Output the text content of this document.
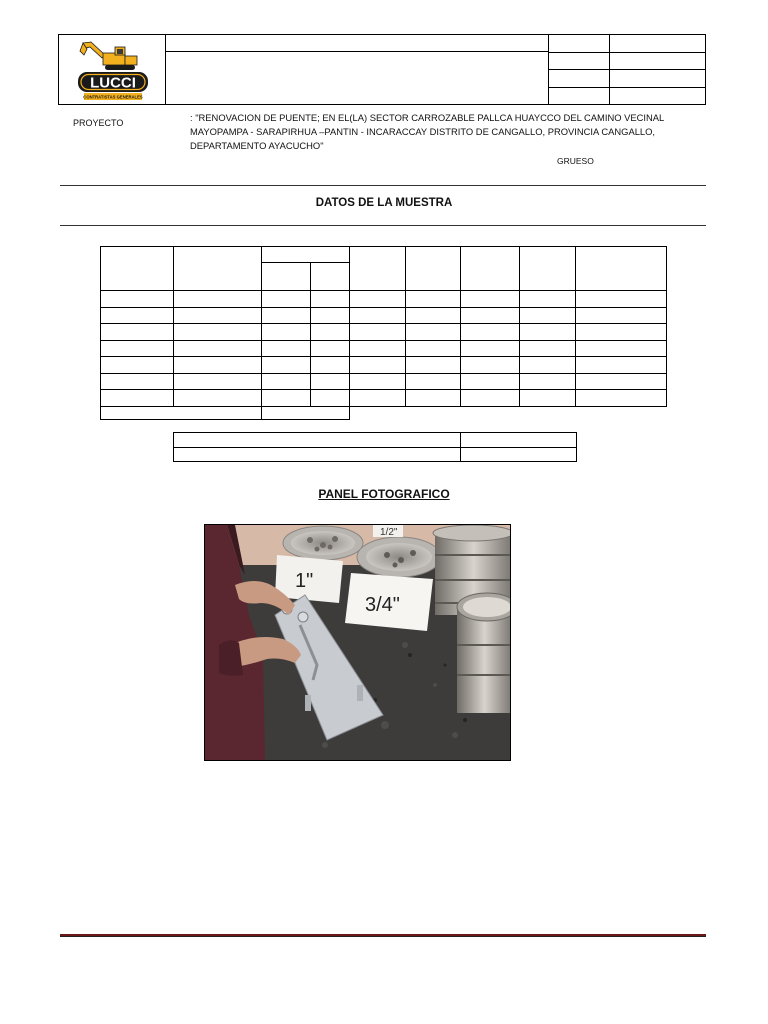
LUCCI
CONTRATISTAS GENERALES
PROYECTO	: "RENOVACION DE PUENTE; EN EL(LA) SECTOR CARROZABLE PALLCA HUAYCCO DEL CAMINO VECINAL MAYOPAMPA - SARAPIRHUA –PANTIN - INCARACCAY DISTRITO DE CANGALLO, PROVINCIA CANGALLO, DEPARTAMENTO AYACUCHO"
GRUESO
DATOS DE LA MUESTRA

PANEL FOTOGRAFICO
1/2"
1"
3/4"
